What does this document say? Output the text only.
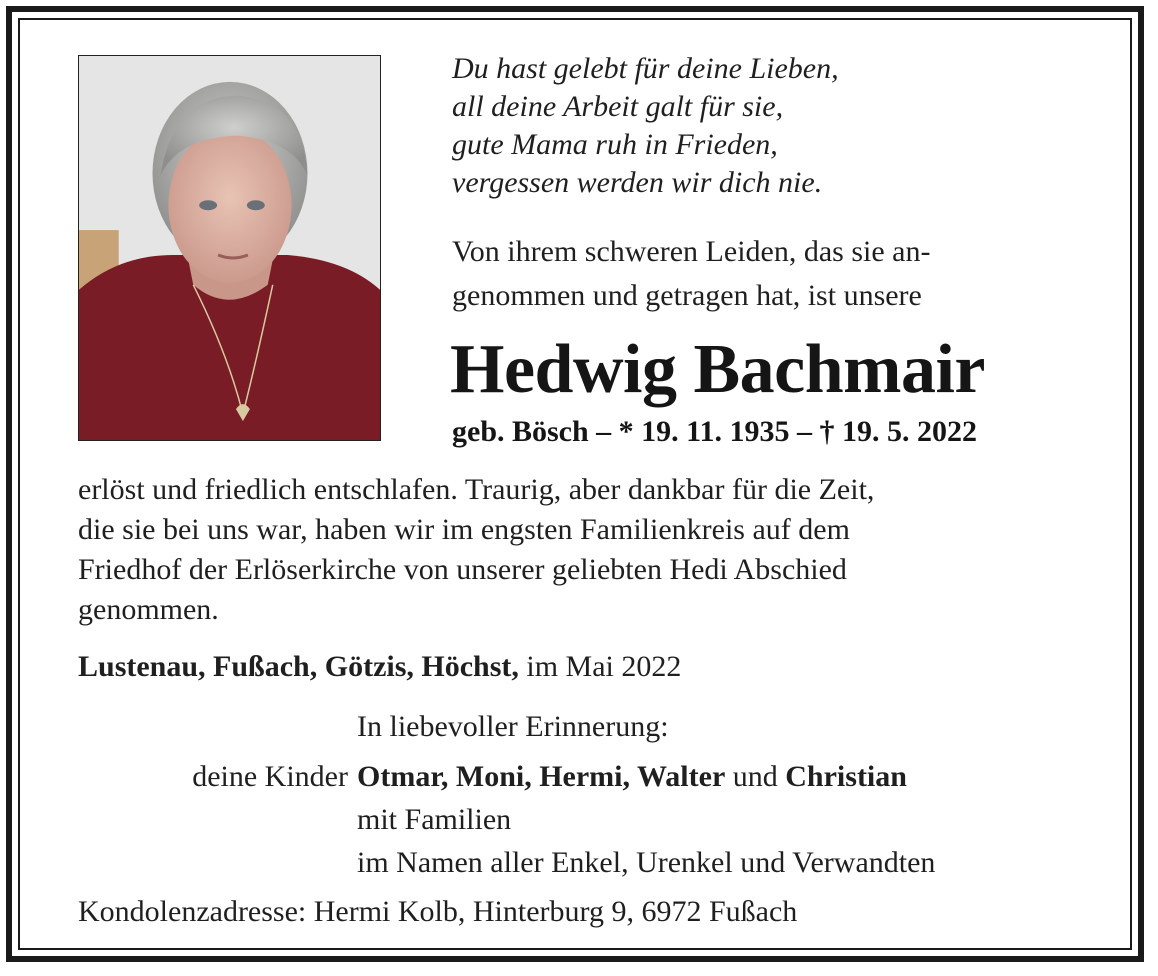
Du hast gelebt für deine Lieben,
all deine Arbeit galt für sie,
gute Mama ruh in Frieden,
vergessen werden wir dich nie.
Von ihrem schweren Leiden, das sie an-
genommen und getragen hat, ist unsere
Hedwig Bachmair
geb. Bösch – * 19. 11. 1935 – † 19. 5. 2022
erlöst und friedlich entschlafen. Traurig, aber dankbar für die Zeit,
die sie bei uns war, haben wir im engsten Familienkreis auf dem
Friedhof der Erlöserkirche von unserer geliebten Hedi Abschied
genommen.
Lustenau, Fußach, Götzis, Höchst, im Mai 2022
In liebevoller Erinnerung:
deine Kinder Otmar, Moni, Hermi, Walter und Christian
mit Familien
im Namen aller Enkel, Urenkel und Verwandten
Kondolenzadresse: Hermi Kolb, Hinterburg 9, 6972 Fußach
